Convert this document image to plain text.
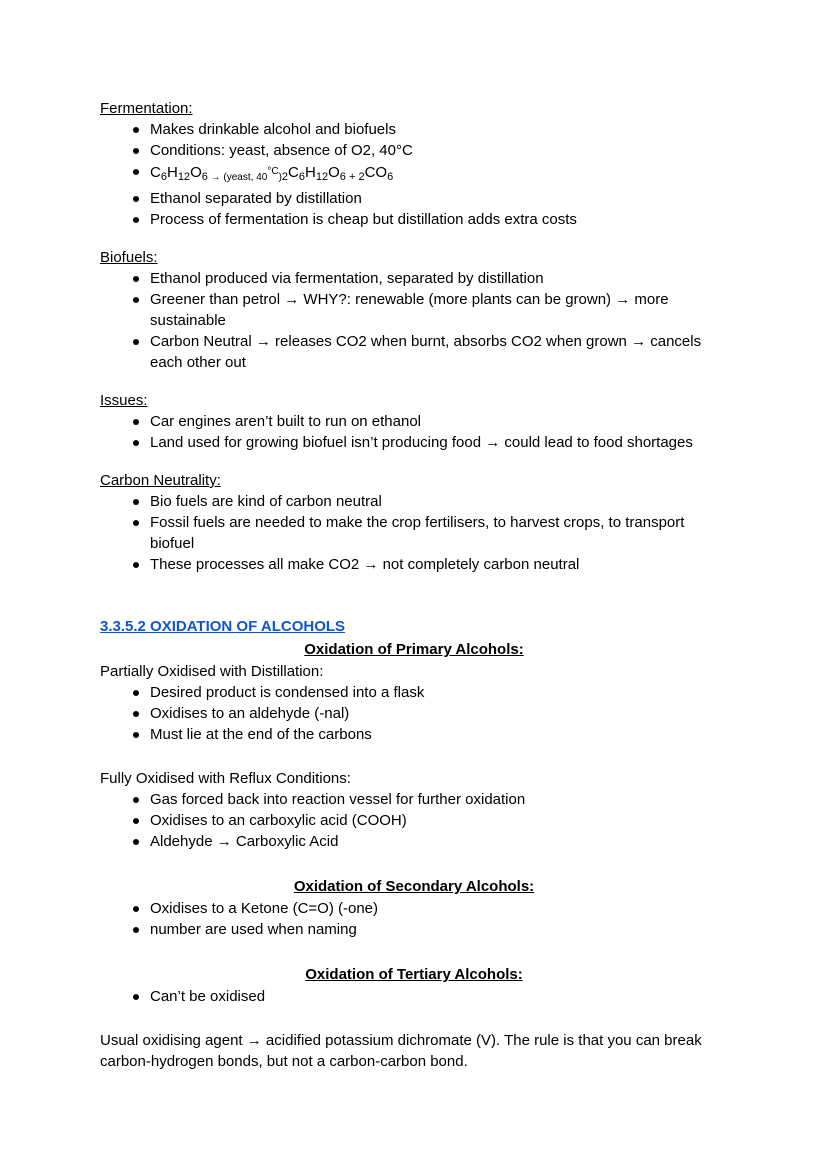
Fermentation:
Makes drinkable alcohol and biofuels
Conditions: yeast, absence of O2, 40°C
$C_6H_{12}O_6$ $_{\to (yeast, 40}^{^\circ C}_{)2}C_6H_{12}O_6$ $_+$ $_2CO_6$
Ethanol separated by distillation
Process of fermentation is cheap but distillation adds extra costs
Biofuels:
Ethanol produced via fermentation, separated by distillation
Greener than petrol → WHY?: renewable (more plants can be grown) → more sustainable
Carbon Neutral → releases CO2 when burnt, absorbs CO2 when grown → cancels each other out
Issues:
Car engines aren’t built to run on ethanol
Land used for growing biofuel isn’t producing food → could lead to food shortages
Carbon Neutrality:
Bio fuels are kind of carbon neutral
Fossil fuels are needed to make the crop fertilisers, to harvest crops, to transport biofuel
These processes all make CO2 → not completely carbon neutral
3.3.5.2 OXIDATION OF ALCOHOLS
Oxidation of Primary Alcohols:
Partially Oxidised with Distillation:
Desired product is condensed into a flask
Oxidises to an aldehyde (-nal)
Must lie at the end of the carbons
Fully Oxidised with Reflux Conditions:
Gas forced back into reaction vessel for further oxidation
Oxidises to an carboxylic acid (COOH)
Aldehyde → Carboxylic Acid
Oxidation of Secondary Alcohols:
Oxidises to a Ketone (C=O) (-one)
number are used when naming
Oxidation of Tertiary Alcohols:
Can’t be oxidised
Usual oxidising agent → acidified potassium dichromate (V). The rule is that you can break carbon-hydrogen bonds, but not a carbon-carbon bond.
